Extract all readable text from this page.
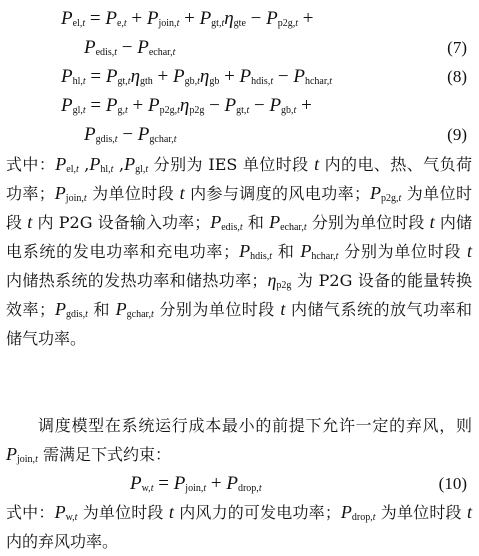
$P_{el,t} = P_{e,t} + P_{join,t} + P_{gt,t}\eta_{gte} - P_{p2g,t}$ +
$P_{edis,t} - P_{echar,t}$	(7)
$P_{hl,t} = P_{gt,t}\eta_{gth} + P_{gb,t}\eta_{gb} + P_{hdis,t} - P_{hchar,t}$	(8)
$P_{gl,t} = P_{g,t} + P_{p2g,t}\eta_{p2g} - P_{gt,t} - P_{gb,t}$ +
$P_{gdis,t} - P_{gchar,t}$	(9)

式中：$P_{el,t}$ $,P_{hl,t}$ $,P_{gl,t}$ 分别为 IES 单位时段 t 内的电、热、气负荷功率；$P_{join,t}$ 为单位时段 t 内参与调度的风电功率；$P_{p2g,t}$ 为单位时段 t 内 P2G 设备输入功率；$P_{edis,t}$ 和 $P_{echar,t}$ 分别为单位时段 t 内储电系统的发电功率和充电功率；$P_{hdis,t}$ 和 $P_{hchar,t}$ 分别为单位时段 t 内储热系统的发热功率和储热功率；$\eta_{p2g}$ 为 P2G 设备的能量转换效率；$P_{gdis,t}$ 和 $P_{gchar,t}$ 分别为单位时段 t 内储气系统的放气功率和储气功率。

调度模型在系统运行成本最小的前提下允许一定的弃风，则$P_{join,t}$ 需满足下式约束：

$P_{w,t} = P_{join,t} + P_{drop,t}$	(10)

式中：$P_{w,t}$ 为单位时段 t 内风力的可发电功率；$P_{drop,t}$ 为单位时段 t 内的弃风功率。
